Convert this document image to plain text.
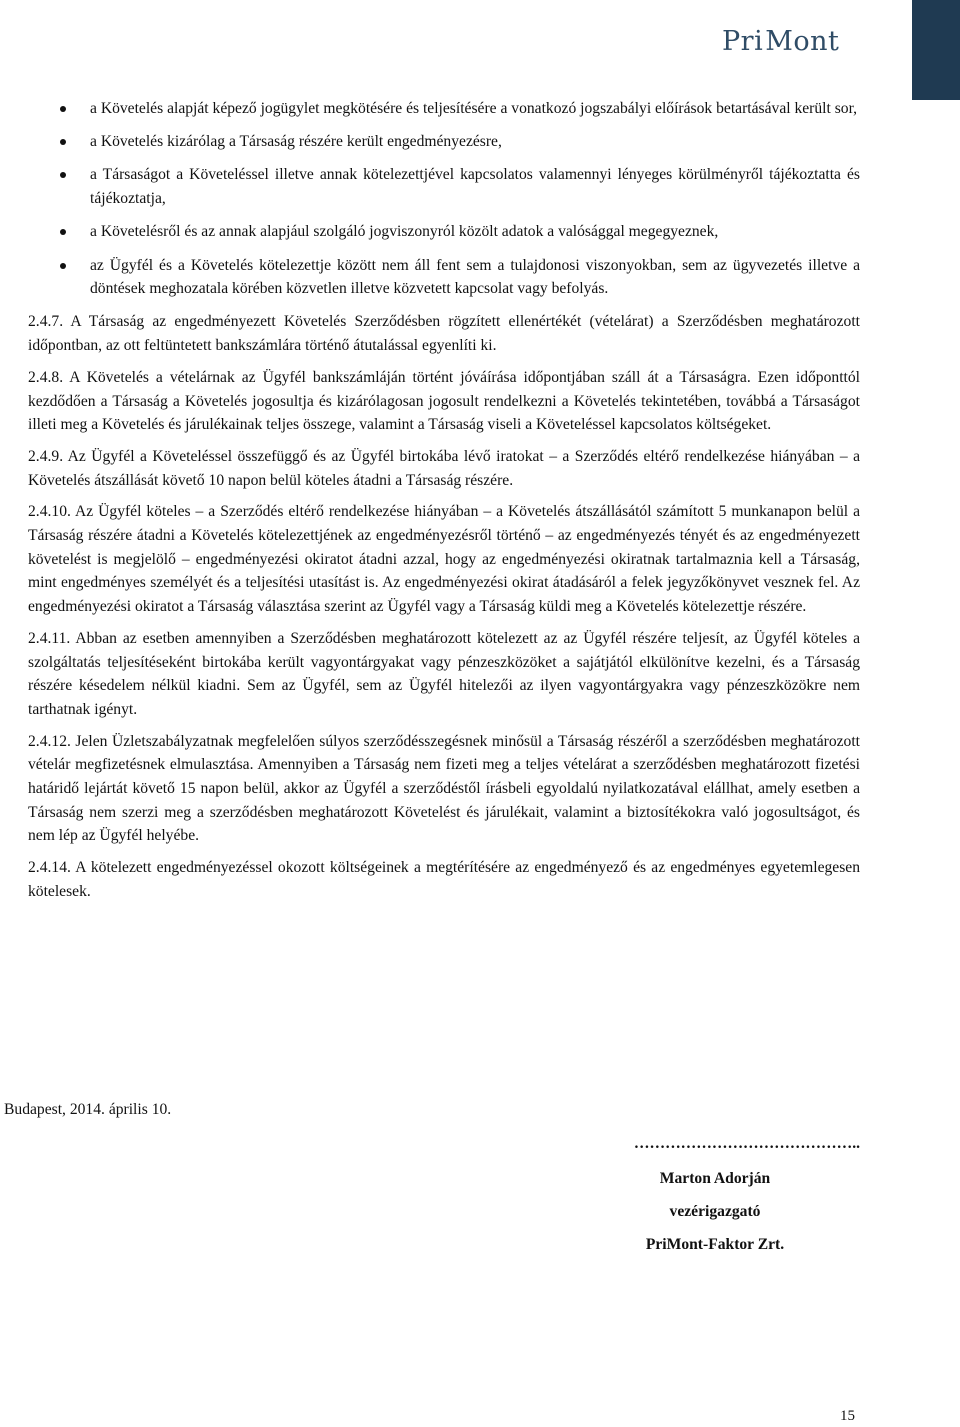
PriMont
a Követelés alapját képező jogügylet megkötésére és teljesítésére a vonatkozó jogszabályi előírások betartásával került sor,
a Követelés kizárólag a Társaság részére került engedményezésre,
a Társaságot a Követeléssel illetve annak kötelezettjével kapcsolatos valamennyi lényeges körülményről tájékoztatta és tájékoztatja,
a Követelésről és az annak alapjául szolgáló jogviszonyról közölt adatok a valósággal megegyeznek,
az Ügyfél és a Követelés kötelezettje között nem áll fent sem a tulajdonosi viszonyokban, sem az ügyvezetés illetve a döntések meghozatala körében közvetlen illetve közvetett kapcsolat vagy befolyás.

2.4.7. A Társaság az engedményezett Követelés Szerződésben rögzített ellenértékét (vételárat) a Szerződésben meghatározott időpontban, az ott feltüntetett bankszámlára történő átutalással egyenlíti ki.

2.4.8. A Követelés a vételárnak az Ügyfél bankszámláján történt jóváírása időpontjában száll át a Társaságra. Ezen időponttól kezdődően a Társaság a Követelés jogosultja és kizárólagosan jogosult rendelkezni a Követelés tekintetében, továbbá a Társaságot illeti meg a Követelés és járulékainak teljes összege, valamint a Társaság viseli a Követeléssel kapcsolatos költségeket.

2.4.9. Az Ügyfél a Követeléssel összefüggő és az Ügyfél birtokába lévő iratokat – a Szerződés eltérő rendelkezése hiányában – a Követelés átszállását követő 10 napon belül köteles átadni a Társaság részére.

2.4.10. Az Ügyfél köteles – a Szerződés eltérő rendelkezése hiányában – a Követelés átszállásától számított 5 munkanapon belül a Társaság részére átadni a Követelés kötelezettjének az engedményezésről történő – az engedményezés tényét és az engedményezett követelést is megjelölő – engedményezési okiratot átadni azzal, hogy az engedményezési okiratnak tartalmaznia kell a Társaság, mint engedményes személyét és a teljesítési utasítást is. Az engedményezési okirat átadásáról a felek jegyzőkönyvet vesznek fel. Az engedményezési okiratot a Társaság választása szerint az Ügyfél vagy a Társaság küldi meg a Követelés kötelezettje részére.

2.4.11. Abban az esetben amennyiben a Szerződésben meghatározott kötelezett az az Ügyfél részére teljesít, az Ügyfél köteles a szolgáltatás teljesítéseként birtokába került vagyontárgyakat vagy pénzeszközöket a sajátjától elkülönítve kezelni, és a Társaság részére késedelem nélkül kiadni. Sem az Ügyfél, sem az Ügyfél hitelezői az ilyen vagyontárgyakra vagy pénzeszközökre nem tarthatnak igényt.

2.4.12. Jelen Üzletszabályzatnak megfelelően súlyos szerződésszegésnek minősül a Társaság részéről a szerződésben meghatározott vételár megfizetésnek elmulasztása. Amennyiben a Társaság nem fizeti meg a teljes vételárat a szerződésben meghatározott fizetési határidő lejártát követő 15 napon belül, akkor az Ügyfél a szerződéstől írásbeli egyoldalú nyilatkozatával elállhat, amely esetben a Társaság nem szerzi meg a szerződésben meghatározott Követelést és járulékait, valamint a biztosítékokra való jogosultságot, és nem lép az Ügyfél helyébe.

2.4.14. A kötelezett engedményezéssel okozott költségeinek a megtérítésére az engedményező és az engedményes egyetemlegesen kötelesek.

Budapest, 2014. április 10.
……………………………………..
Marton Adorján
vezérigazgató
PriMont-Faktor Zrt.
15
